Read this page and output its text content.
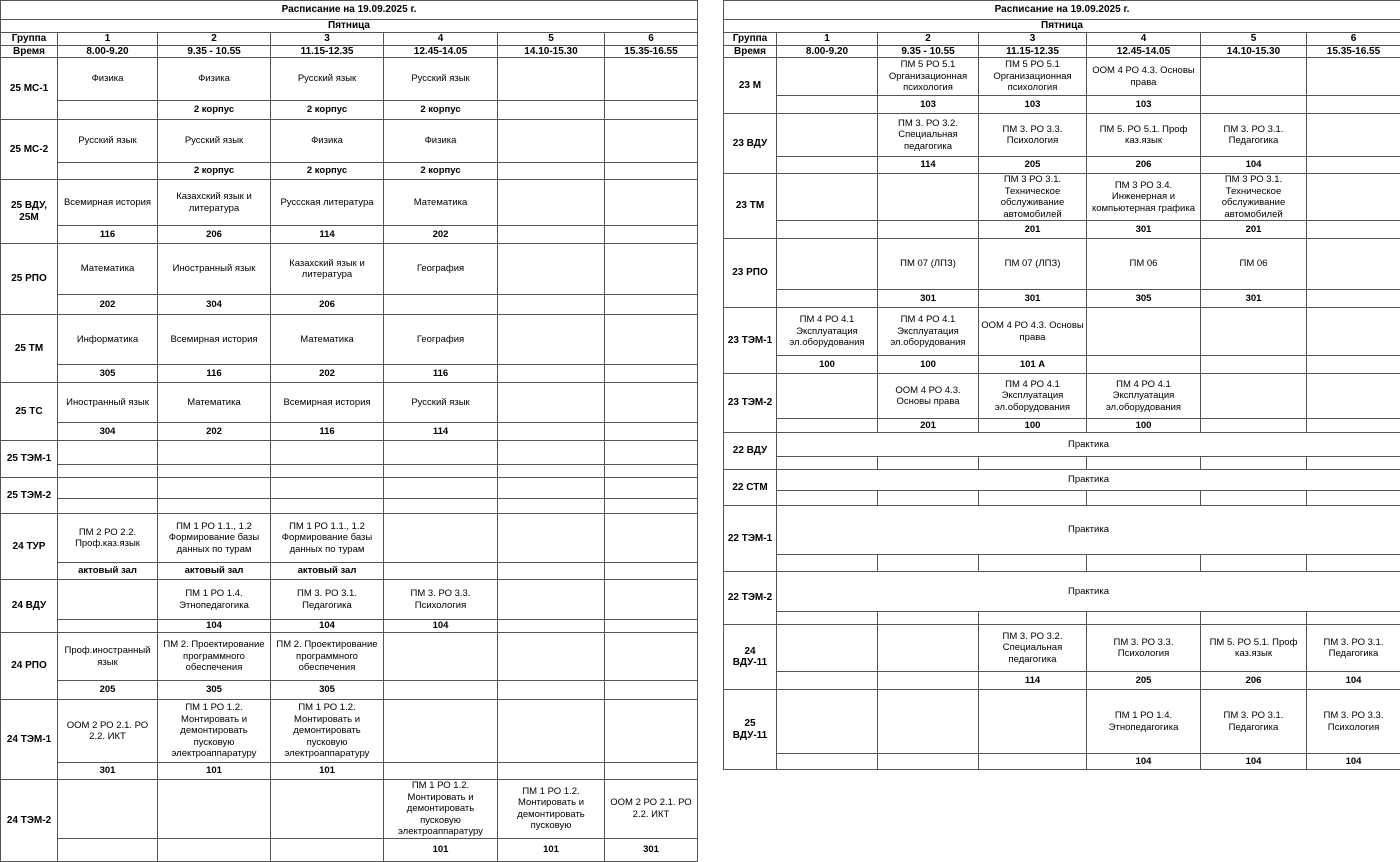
Расписание на 19.09.2025 г.						
Пятница						
Группа	1	2	3	4	5	6
Время	8.00-9.20	9.35 - 10.55	11.15-12.35	12.45-14.05	14.10-15.30	15.35-16.55
25 МС-1	Физика	Физика	Русский язык	Русский язык		
		2 корпус	2 корпус	2 корпус		
25 МС-2	Русский язык	Русский язык	Физика	Физика		
		2 корпус	2 корпус	2 корпус		
25 ВДУ, 25М	Всемирная история	Казахский язык и литература	Руссская литература	Математика		
	116	206	114	202		
25 РПО	Математика	Иностранный язык	Казахский язык и литература	География		
	202	304	206			
25 ТМ	Информатика	Всемирная история	Математика	География		
	305	116	202	116		
25 ТС	Иностранный язык	Математика	Всемирная история	Русский язык		
	304	202	116	114		
25 ТЭМ-1						

25 ТЭМ-2						

24 ТУР	ПМ 2 РО 2.2. Проф.каз.язык	ПМ 1 РО 1.1., 1.2 Формирование базы данных по турам	ПМ 1 РО 1.1., 1.2 Формирование базы данных по турам			
	актовый зал	актовый зал	актовый зал			
24 ВДУ		ПМ 1 РО 1.4. Этнопедагогика	ПМ 3. РО 3.1. Педагогика	ПМ 3. РО 3.3. Психология		
		104	104	104		
24 РПО	Проф.иностранный язык	ПМ 2. Проектирование программного обеспечения	ПМ 2. Проектирование программного обеспечения			
	205	305	305			
24 ТЭМ-1	ООМ 2 РО 2.1. РО 2.2. ИКТ	ПМ 1 РО 1.2. Монтировать и демонтировать пусковую электроаппаратуру	ПМ 1 РО 1.2. Монтировать и демонтировать пусковую электроаппаратуру			
	301	101	101			
24 ТЭМ-2				ПМ 1 РО 1.2. Монтировать и демонтировать пусковую электроаппаратуру	ПМ 1 РО 1.2. Монтировать и демонтировать пусковую	ООМ 2 РО 2.1. РО 2.2. ИКТ
				101	101	301
Расписание на 19.09.2025 г.						
Пятница						
Группа	1	2	3	4	5	6
Время	8.00-9.20	9.35 - 10.55	11.15-12.35	12.45-14.05	14.10-15.30	15.35-16.55
23 М		ПМ 5 РО 5.1 Организационная психология	ПМ 5 РО 5.1 Организационная психология	ООМ 4 РО 4.3. Основы права		
		103	103	103		
23 ВДУ		ПМ 3. РО 3.2. Специальная педагогика	ПМ 3. РО 3.3. Психология	ПМ 5. РО 5.1. Проф каз.язык	ПМ 3. РО 3.1. Педагогика	
		114	205	206	104	
23 ТМ			ПМ 3 РО 3.1. Техническое обслуживание автомобилей	ПМ 3 РО 3.4. Инженерная и компьютерная графика	ПМ 3 РО 3.1. Техническое обслуживание автомобилей	
			201	301	201	
23 РПО		ПМ 07 (ЛПЗ)	ПМ 07 (ЛПЗ)	ПМ 06	ПМ 06	
		301	301	305	301	
23 ТЭМ-1	ПМ 4 РО 4.1 Эксплуатация эл.оборудования	ПМ 4 РО 4.1 Эксплуатация эл.оборудования	ООМ 4 РО 4.3. Основы права			
	100	100	101 А			
23 ТЭМ-2		ООМ 4 РО 4.3. Основы права	ПМ 4 РО 4.1 Эксплуатация эл.оборудования	ПМ 4 РО 4.1 Эксплуатация эл.оборудования		
		201	100	100		
22 ВДУ	Практика					

22 СТМ	Практика					

22 ТЭМ-1	Практика					

22 ТЭМ-2	Практика					

24 ВДУ-11			ПМ 3. РО 3.2. Специальная педагогика	ПМ 3. РО 3.3. Психология	ПМ 5. РО 5.1. Проф каз.язык	ПМ 3. РО 3.1. Педагогика
			114	205	206	104
25 ВДУ-11				ПМ 1 РО 1.4. Этнопедагогика	ПМ 3. РО 3.1. Педагогика	ПМ 3. РО 3.3. Психология
				104	104	104
